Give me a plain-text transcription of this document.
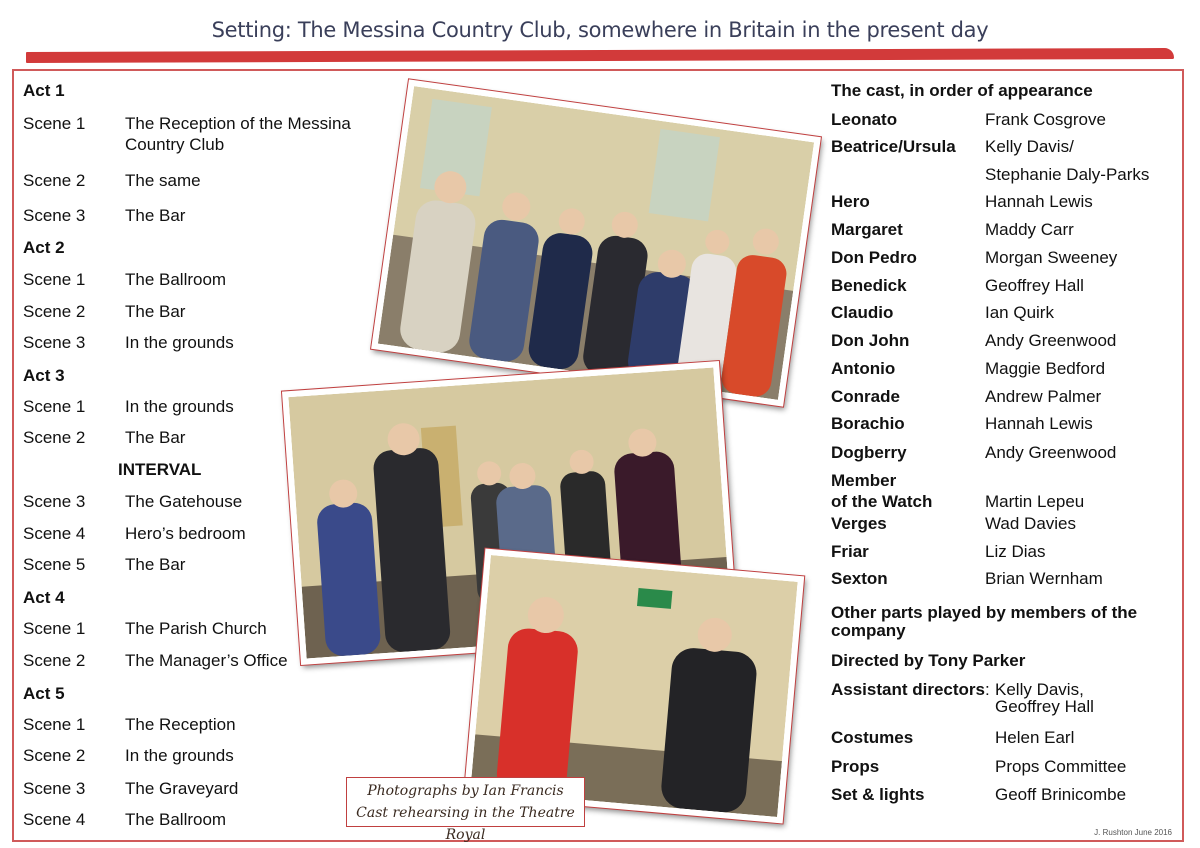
Setting: The Messina Country Club, somewhere in Britain in the present day
Act 1
Scene 1 The Reception of the Messina
Country Club
Scene 2 The same
Scene 3 The Bar
Act 2
Scene 1 The Ballroom
Scene 2 The Bar
Scene 3 In the grounds
Act 3
Scene 1 In the grounds
Scene 2 The Bar
INTERVAL
Scene 3 The Gatehouse
Scene 4 Hero’s bedroom
Scene 5 The Bar
Act 4
Scene 1 The Parish Church
Scene 2 The Manager’s Office
Act 5
Scene 1 The Reception
Scene 2 In the grounds
Scene 3 The Graveyard
Scene 4 The Ballroom
Photographs by Ian Francis
Cast rehearsing in the Theatre Royal
The cast, in order of appearance
Leonato	Frank Cosgrove
Beatrice/Ursula Kelly Davis/
Stephanie Daly-Parks
Hero	Hannah Lewis
Margaret	Maddy Carr
Don Pedro	Morgan Sweeney
Benedick	Geoffrey Hall
Claudio	Ian Quirk
Don John	Andy Greenwood
Antonio	Maggie Bedford
Conrade	Andrew Palmer
Borachio	Hannah Lewis
Dogberry	Andy Greenwood
Member
of the Watch	Martin Lepeu
Verges	Wad Davies
Friar	Liz Dias
Sexton	Brian Wernham
Other parts played by members of the
company
Directed by Tony Parker
Assistant directors: Kelly Davis,
Geoffrey Hall
Costumes	Helen Earl
Props	Props Committee
Set & lights	Geoff Brinicombe
J. Rushton June 2016
